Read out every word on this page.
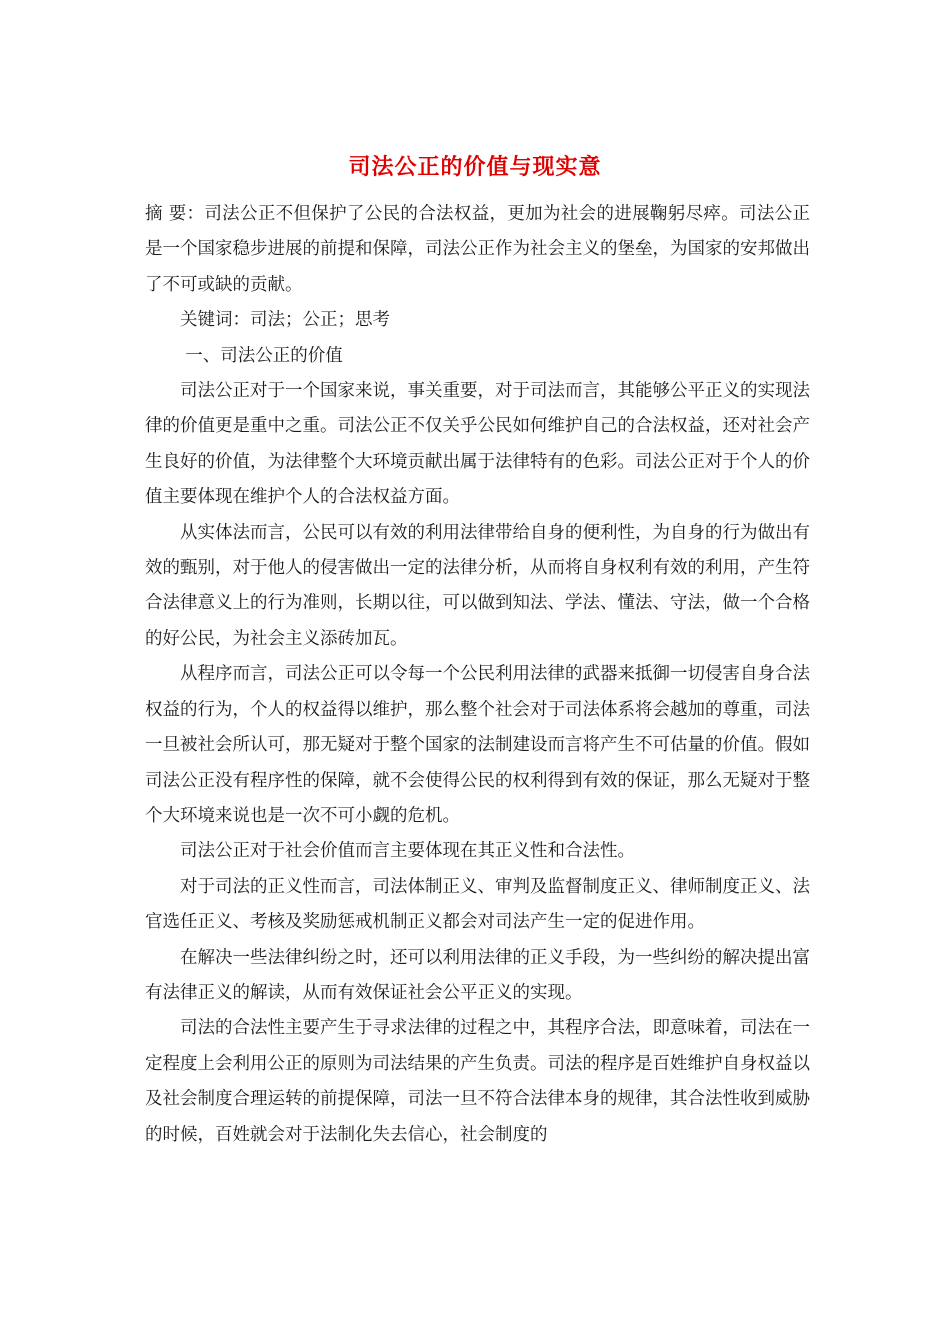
司法公正的价值与现实意

摘 要：司法公正不但保护了公民的合法权益，更加为社会的进展鞠躬尽瘁。司法公正是一个国家稳步进展的前提和保障，司法公正作为社会主义的堡垒，为国家的安邦做出了不可或缺的贡献。

关键词：司法；公正；思考

一、司法公正的价值

司法公正对于一个国家来说，事关重要，对于司法而言，其能够公平正义的实现法律的价值更是重中之重。司法公正不仅关乎公民如何维护自己的合法权益，还对社会产生良好的价值，为法律整个大环境贡献出属于法律特有的色彩。司法公正对于个人的价值主要体现在维护个人的合法权益方面。

从实体法而言，公民可以有效的利用法律带给自身的便利性，为自身的行为做出有效的甄别，对于他人的侵害做出一定的法律分析，从而将自身权利有效的利用，产生符合法律意义上的行为准则，长期以往，可以做到知法、学法、懂法、守法，做一个合格的好公民，为社会主义添砖加瓦。

从程序而言，司法公正可以令每一个公民利用法律的武器来抵御一切侵害自身合法权益的行为，个人的权益得以维护，那么整个社会对于司法体系将会越加的尊重，司法一旦被社会所认可，那无疑对于整个国家的法制建设而言将产生不可估量的价值。假如司法公正没有程序性的保障，就不会使得公民的权利得到有效的保证，那么无疑对于整个大环境来说也是一次不可小觑的危机。

司法公正对于社会价值而言主要体现在其正义性和合法性。

对于司法的正义性而言，司法体制正义、审判及监督制度正义、律师制度正义、法官选任正义、考核及奖励惩戒机制正义都会对司法产生一定的促进作用。

在解决一些法律纠纷之时，还可以利用法律的正义手段，为一些纠纷的解决提出富有法律正义的解读，从而有效保证社会公平正义的实现。

司法的合法性主要产生于寻求法律的过程之中，其程序合法，即意味着，司法在一定程度上会利用公正的原则为司法结果的产生负责。司法的程序是百姓维护自身权益以及社会制度合理运转的前提保障，司法一旦不符合法律本身的规律，其合法性收到威胁的时候，百姓就会对于法制化失去信心，社会制度的
